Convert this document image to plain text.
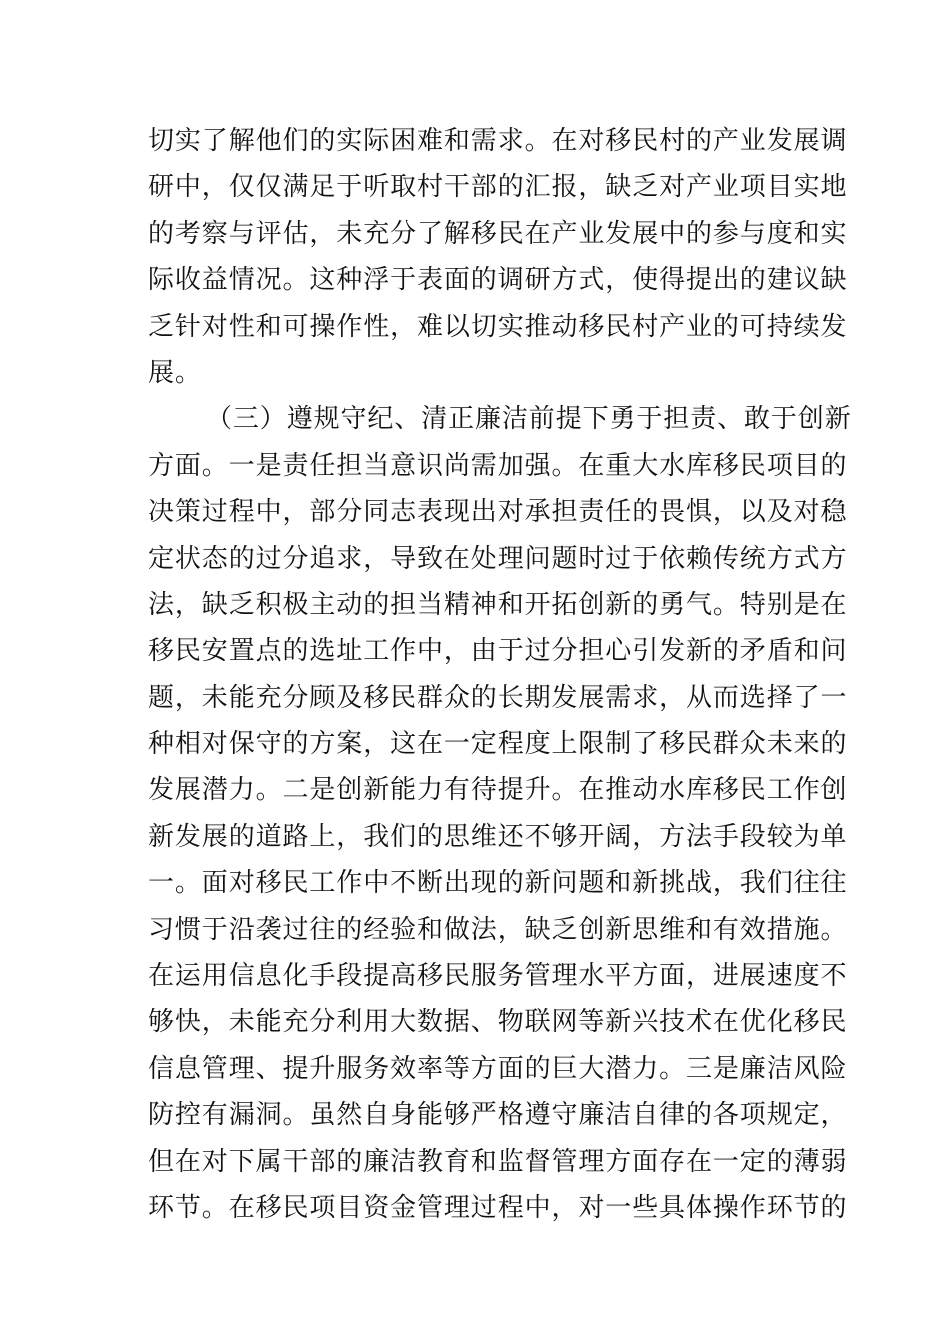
切实了解他们的实际困难和需求。在对移民村的产业发展调
研中，仅仅满足于听取村干部的汇报，缺乏对产业项目实地
的考察与评估，未充分了解移民在产业发展中的参与度和实
际收益情况。这种浮于表面的调研方式，使得提出的建议缺
乏针对性和可操作性，难以切实推动移民村产业的可持续发
展。
（三）遵规守纪、清正廉洁前提下勇于担责、敢于创新
方面。一是责任担当意识尚需加强。在重大水库移民项目的
决策过程中，部分同志表现出对承担责任的畏惧，以及对稳
定状态的过分追求，导致在处理问题时过于依赖传统方式方
法，缺乏积极主动的担当精神和开拓创新的勇气。特别是在
移民安置点的选址工作中，由于过分担心引发新的矛盾和问
题，未能充分顾及移民群众的长期发展需求，从而选择了一
种相对保守的方案，这在一定程度上限制了移民群众未来的
发展潜力。二是创新能力有待提升。在推动水库移民工作创
新发展的道路上，我们的思维还不够开阔，方法手段较为单
一。面对移民工作中不断出现的新问题和新挑战，我们往往
习惯于沿袭过往的经验和做法，缺乏创新思维和有效措施。
在运用信息化手段提高移民服务管理水平方面，进展速度不
够快，未能充分利用大数据、物联网等新兴技术在优化移民
信息管理、提升服务效率等方面的巨大潜力。三是廉洁风险
防控有漏洞。虽然自身能够严格遵守廉洁自律的各项规定，
但在对下属干部的廉洁教育和监督管理方面存在一定的薄弱
环节。在移民项目资金管理过程中，对一些具体操作环节的
